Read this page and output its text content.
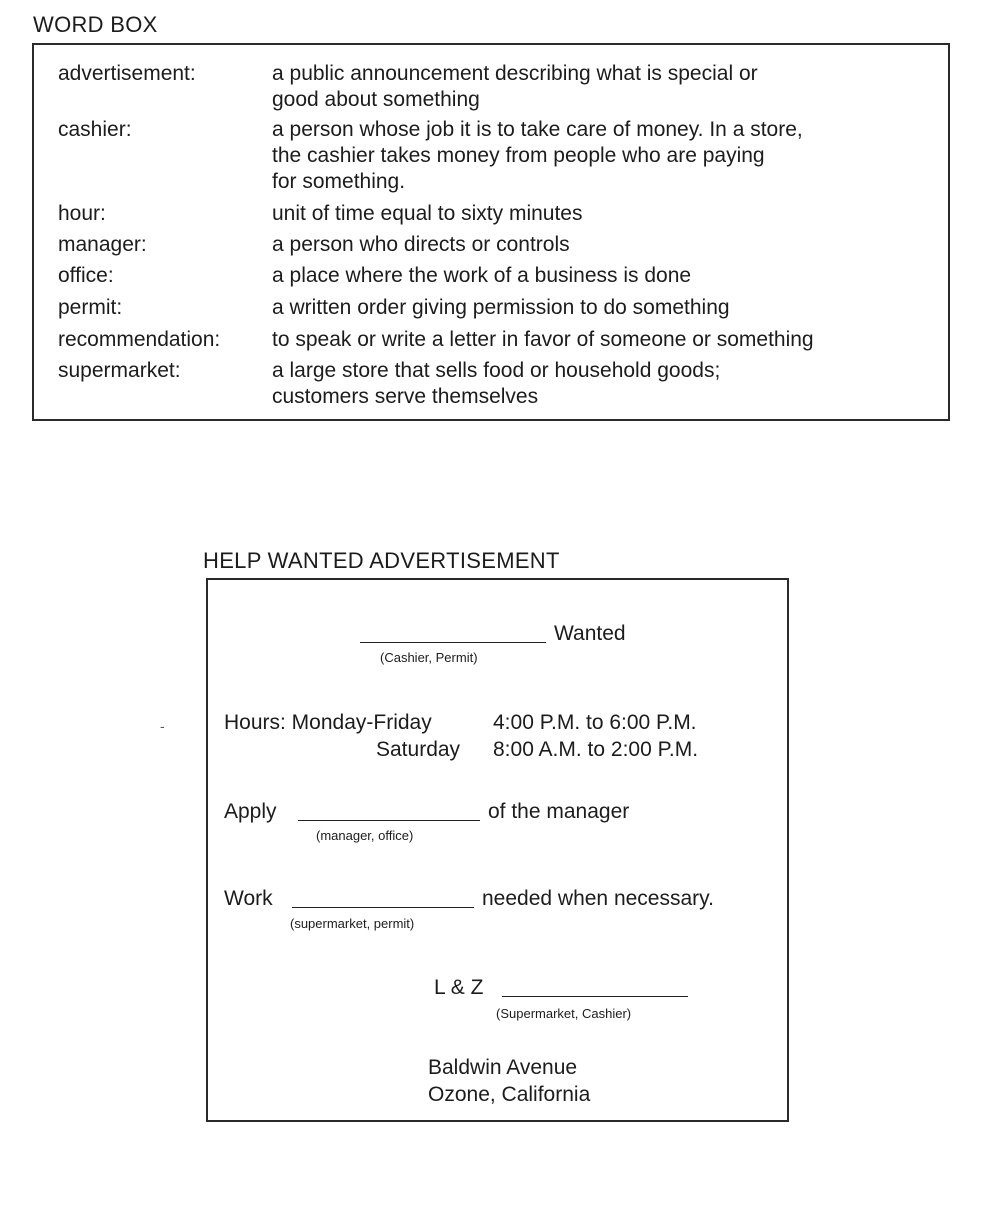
WORD BOX
advertisement:	a public announcement describing what is special or
good about something
cashier:	a person whose job it is to take care of money. In a store,
the cashier takes money from people who are paying
for something.
hour:	unit of time equal to sixty minutes
manager:	a person who directs or controls
office:	a place where the work of a business is done
permit:	a written order giving permission to do something
recommendation: to speak or write a letter in favor of someone or something
supermarket:	a large store that sells food or household goods;
customers serve themselves
-
HELP WANTED ADVERTISEMENT
Wanted
(Cashier, Permit)
Hours: Monday-Friday	4:00 P.M. to 6:00 P.M.
Saturday 8:00 A.M. to 2:00 P.M.
Apply	of the manager
(manager, office)
Work	needed when necessary.
(supermarket, permit)
L & Z
(Supermarket, Cashier)
Baldwin Avenue
Ozone, California
